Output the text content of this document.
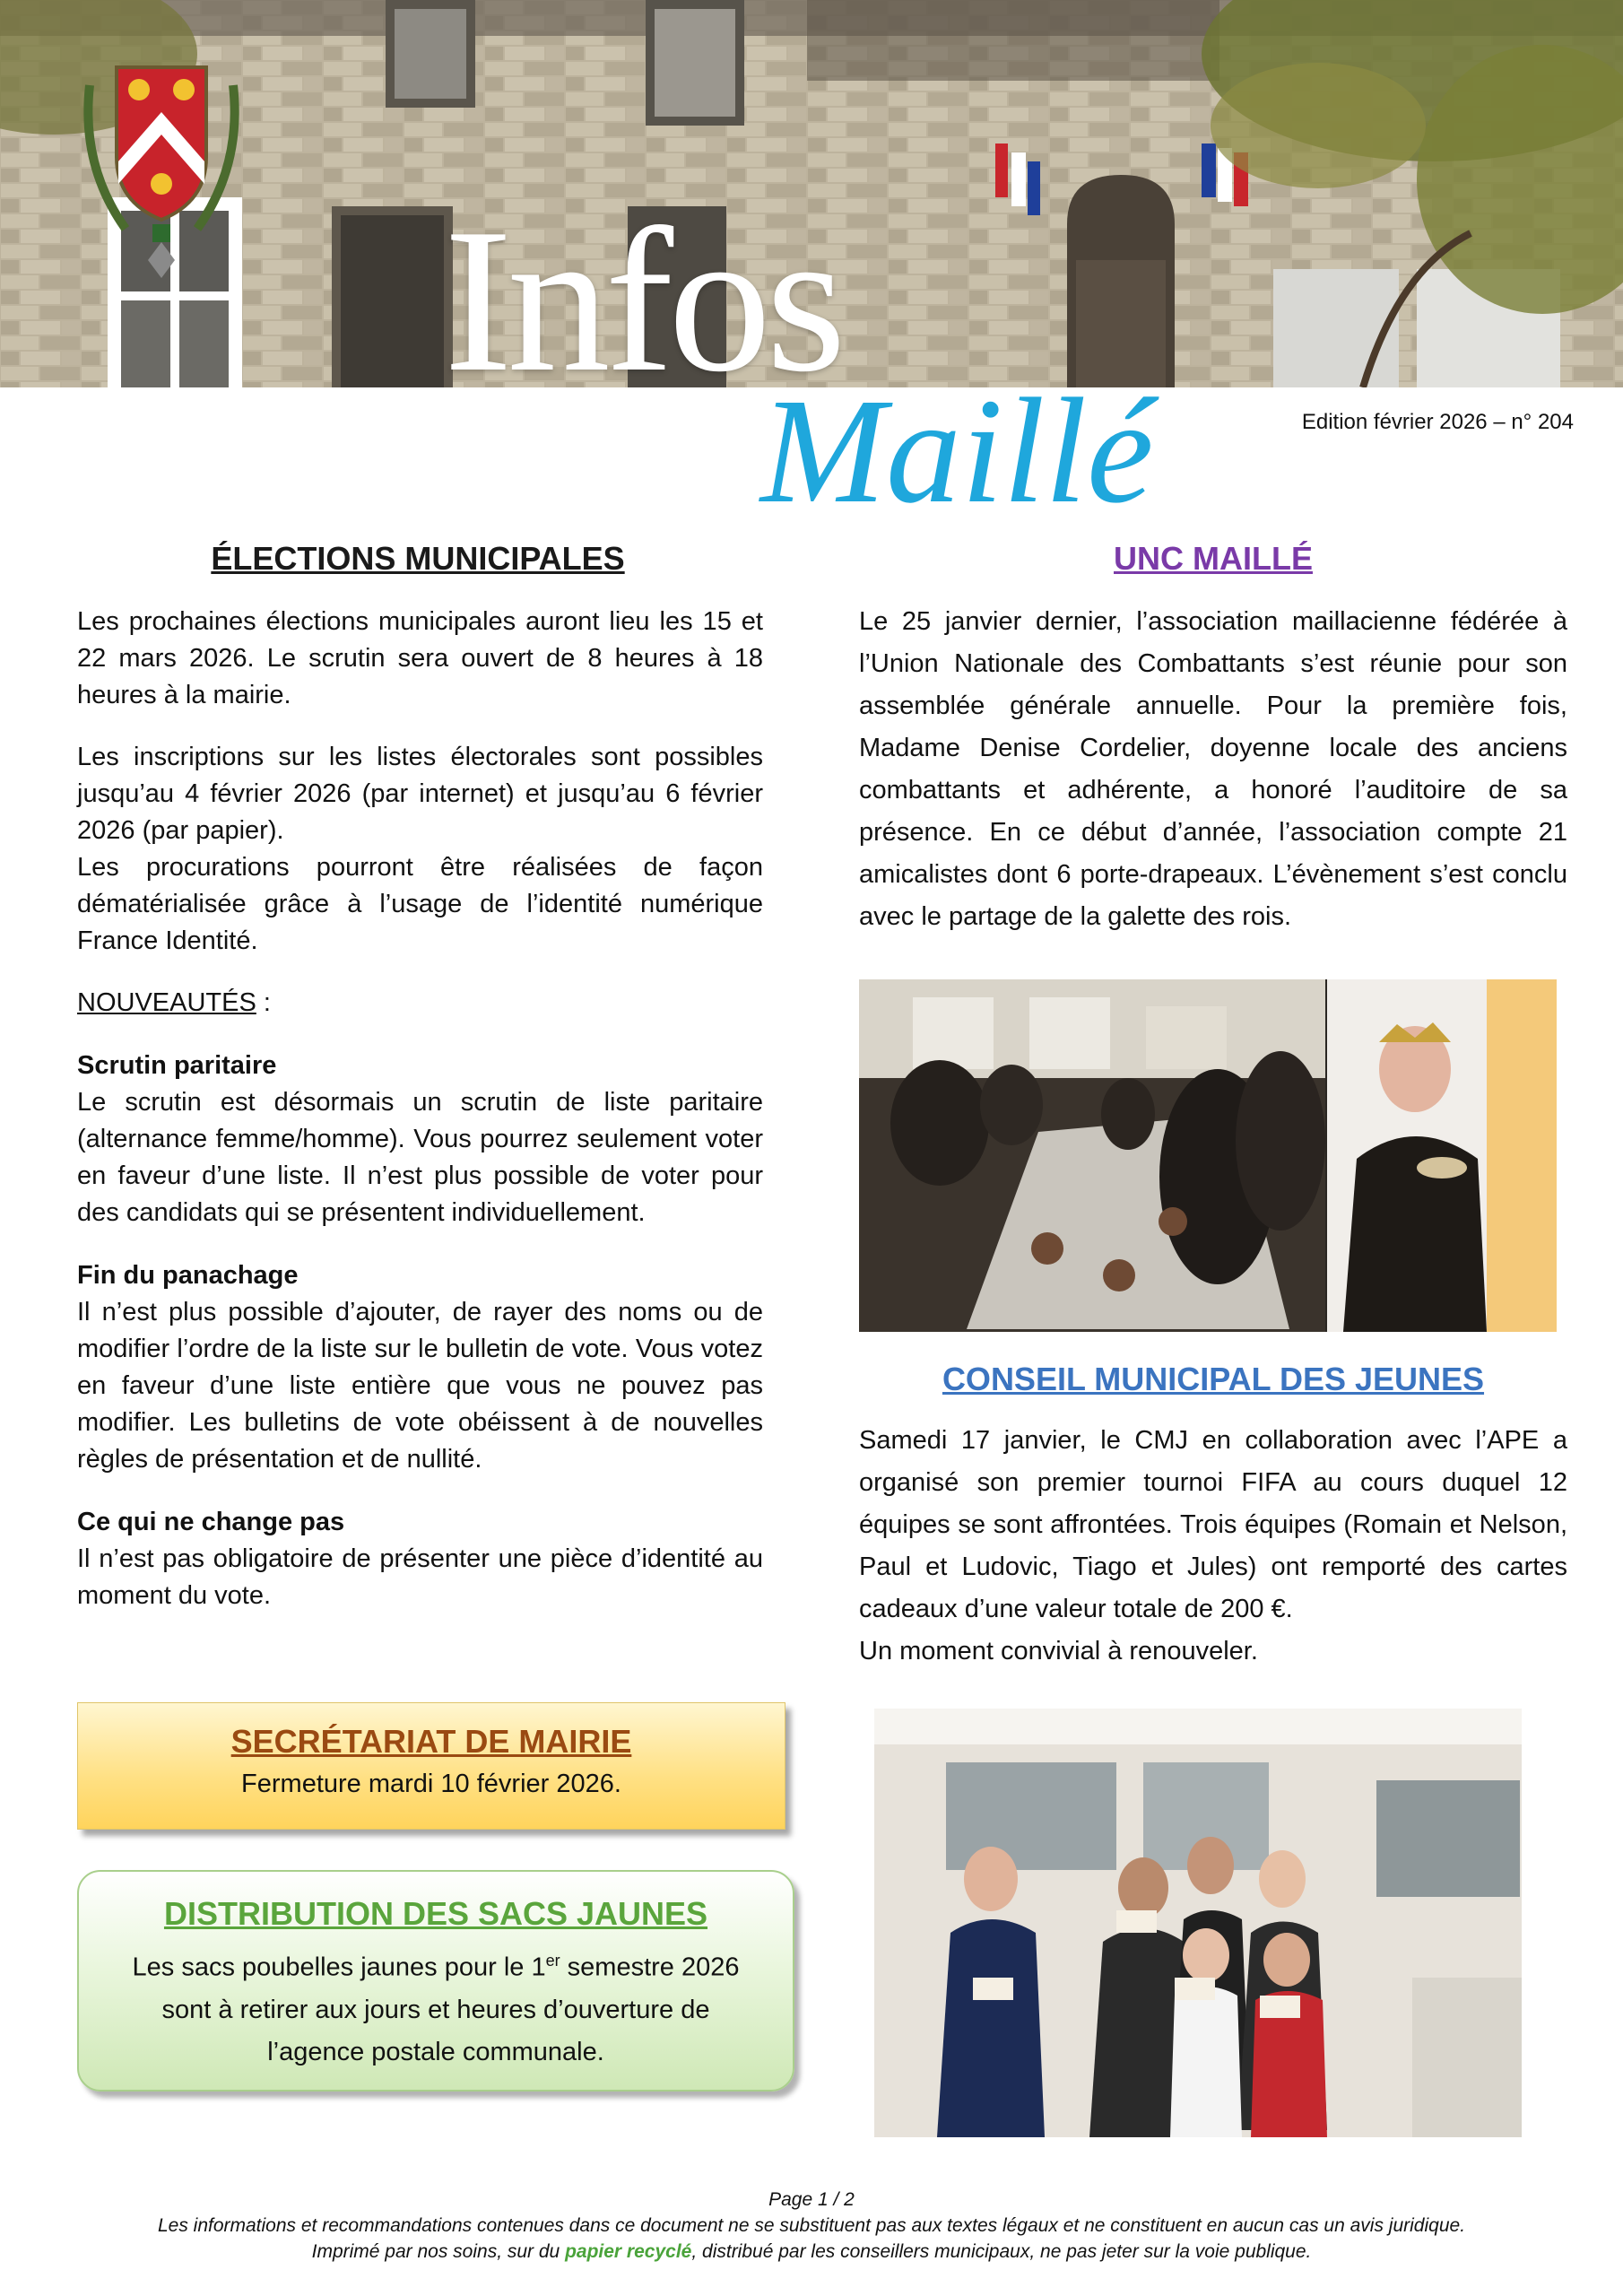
Infos
Maillé	Edition février 2026 – n° 204
ÉLECTIONS MUNICIPALES

Les prochaines élections municipales auront lieu les 15 et 22 mars 2026. Le scrutin sera ouvert de 8 heures à 18 heures à la mairie.

Les inscriptions sur les listes électorales sont possibles jusqu’au 4 février 2026 (par internet) et jusqu’au 6 février 2026 (par papier).

Les procurations pourront être réalisées de façon dématérialisée grâce à l’usage de l’identité numérique France Identité.

NOUVEAUTÉS :

Scrutin paritaire

Le scrutin est désormais un scrutin de liste paritaire (alternance femme/homme). Vous pourrez seulement voter en faveur d’une liste. Il n’est plus possible de voter pour des candidats qui se présentent individuellement.

Fin du panachage

Il n’est plus possible d’ajouter, de rayer des noms ou de modifier l’ordre de la liste sur le bulletin de vote. Vous votez en faveur d’une liste entière que vous ne pouvez pas modifier. Les bulletins de vote obéissent à de nouvelles règles de présentation et de nullité.

Ce qui ne change pas

Il n’est pas obligatoire de présenter une pièce d’identité au moment du vote.

SECRÉTARIAT DE MAIRIE
Fermeture mardi 10 février 2026.
DISTRIBUTION DES SACS JAUNES
Les sacs poubelles jaunes pour le 1er semestre 2026
sont à retirer aux jours et heures d’ouverture de
l’agence postale communale.
UNC MAILLÉ

Le 25 janvier dernier, l’association maillacienne fédérée à l’Union Nationale des Combattants s’est réunie pour son assemblée générale annuelle. Pour la première fois, Madame Denise Cordelier, doyenne locale des anciens combattants et adhérente, a honoré l’auditoire de sa présence. En ce début d’année, l’association compte 21 amicalistes dont 6 porte-drapeaux. L’évènement s’est conclu avec le partage de la galette des rois.

CONSEIL MUNICIPAL DES JEUNES

Samedi 17 janvier, le CMJ en collaboration avec l’APE a organisé son premier tournoi FIFA au cours duquel 12 équipes se sont affrontées. Trois équipes (Romain et Nelson, Paul et Ludovic, Tiago et Jules) ont remporté des cartes cadeaux d’une valeur totale de 200 €.

Un moment convivial à renouveler.

Page 1 / 2
Les informations et recommandations contenues dans ce document ne se substituent pas aux textes légaux et ne constituent en aucun cas un avis juridique.
Imprimé par nos soins, sur du papier recyclé, distribué par les conseillers municipaux, ne pas jeter sur la voie publique.
